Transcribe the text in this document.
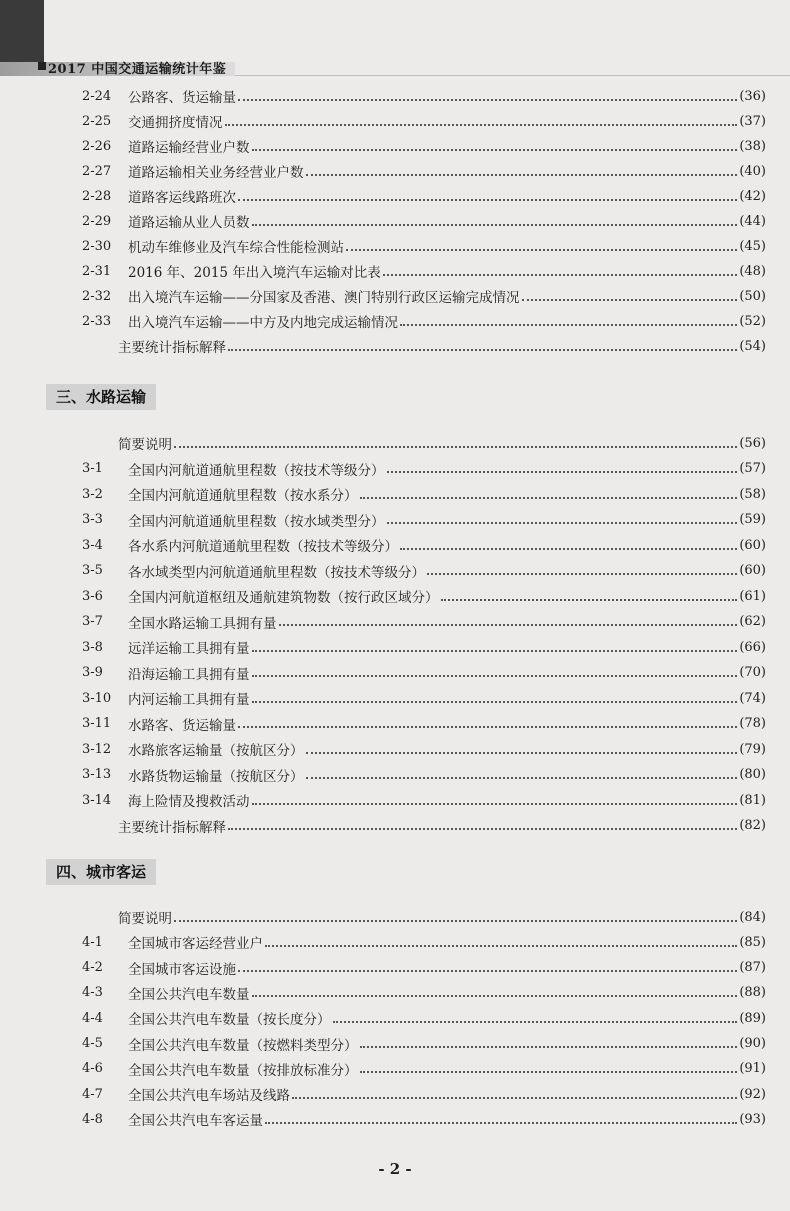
2017 中国交通运输统计年鉴
2-24	公路客、货运输量	(36)
2-25	交通拥挤度情况	(37)
2-26	道路运输经营业户数	(38)
2-27	道路运输相关业务经营业户数	(40)
2-28	道路客运线路班次	(42)
2-29	道路运输从业人员数	(44)
2-30	机动车维修业及汽车综合性能检测站	(45)
2-31	2016 年、2015 年出入境汽车运输对比表	(48)
2-32	出入境汽车运输——分国家及香港、澳门特别行政区运输完成情况	(50)
2-33	出入境汽车运输——中方及内地完成运输情况	(52)
主要统计指标解释	(54)
三、水路运输
简要说明	(56)
3-1	全国内河航道通航里程数（按技术等级分）	(57)
3-2	全国内河航道通航里程数（按水系分）	(58)
3-3	全国内河航道通航里程数（按水域类型分）	(59)
3-4	各水系内河航道通航里程数（按技术等级分）	(60)
3-5	各水域类型内河航道通航里程数（按技术等级分）	(60)
3-6	全国内河航道枢纽及通航建筑物数（按行政区域分）	(61)
3-7	全国水路运输工具拥有量	(62)
3-8	远洋运输工具拥有量	(66)
3-9	沿海运输工具拥有量	(70)
3-10	内河运输工具拥有量	(74)
3-11	水路客、货运输量	(78)
3-12	水路旅客运输量（按航区分）	(79)
3-13	水路货物运输量（按航区分）	(80)
3-14	海上险情及搜救活动	(81)
主要统计指标解释	(82)
四、城市客运
简要说明	(84)
4-1	全国城市客运经营业户	(85)
4-2	全国城市客运设施	(87)
4-3	全国公共汽电车数量	(88)
4-4	全国公共汽电车数量（按长度分）	(89)
4-5	全国公共汽电车数量（按燃料类型分）	(90)
4-6	全国公共汽电车数量（按排放标准分）	(91)
4-7	全国公共汽电车场站及线路	(92)
4-8	全国公共汽电车客运量	(93)
- 2 -
